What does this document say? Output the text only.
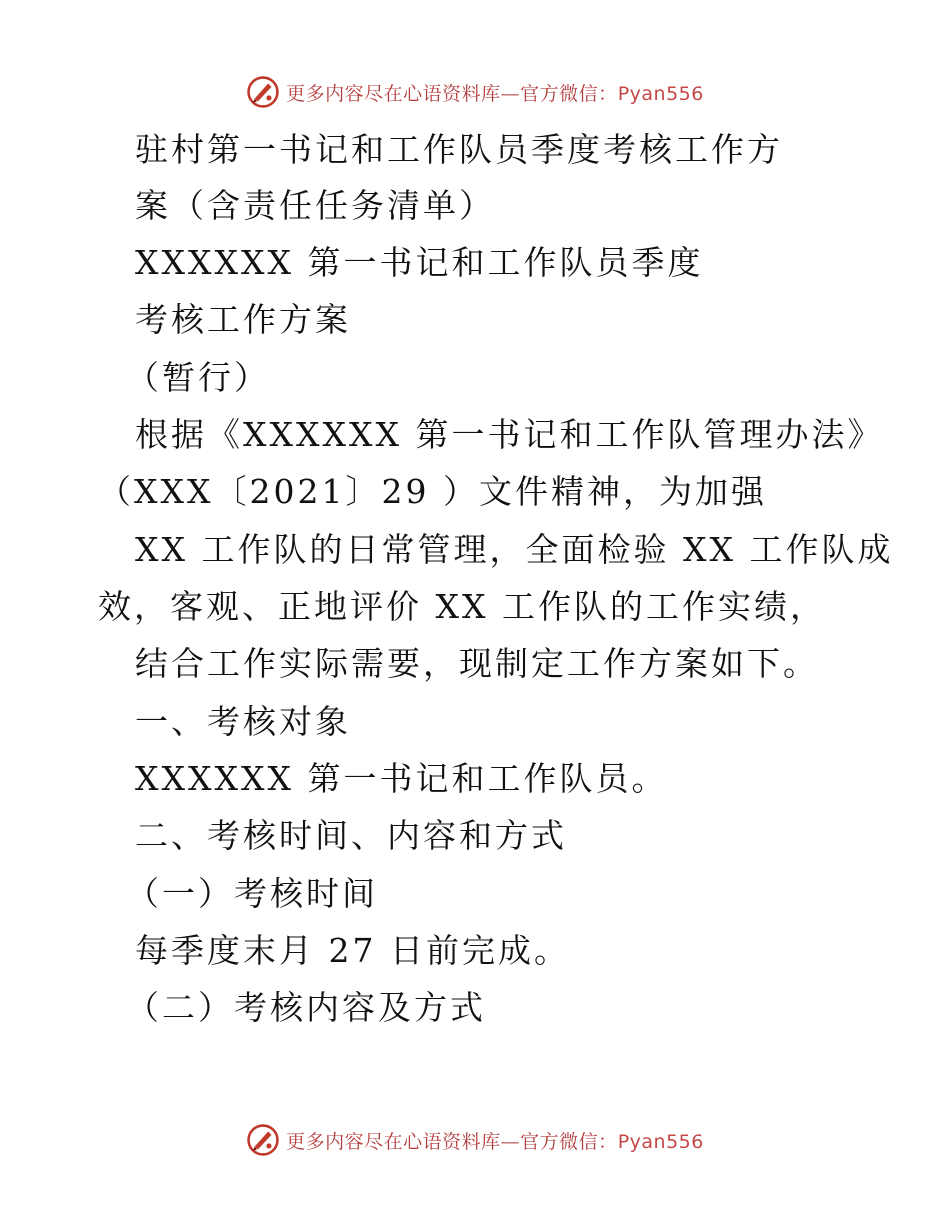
更多内容尽在心语资料库—官方微信：Pyan556
驻村第一书记和工作队员季度考核工作方
案（含责任任务清单）
XXXXXX 第一书记和工作队员季度
考核工作方案
（暂行）
根据《XXXXXX 第一书记和工作队管理办法》
（XXX〔2021〕29 ）文件精神，为加强
XX 工作队的日常管理，全面检验 XX 工作队成
效，客观、正地评价 XX 工作队的工作实绩，
结合工作实际需要，现制定工作方案如下。
一、考核对象
XXXXXX 第一书记和工作队员。
二、考核时间、内容和方式
（一）考核时间
每季度末月 27 日前完成。
（二）考核内容及方式
更多内容尽在心语资料库—官方微信：Pyan556
